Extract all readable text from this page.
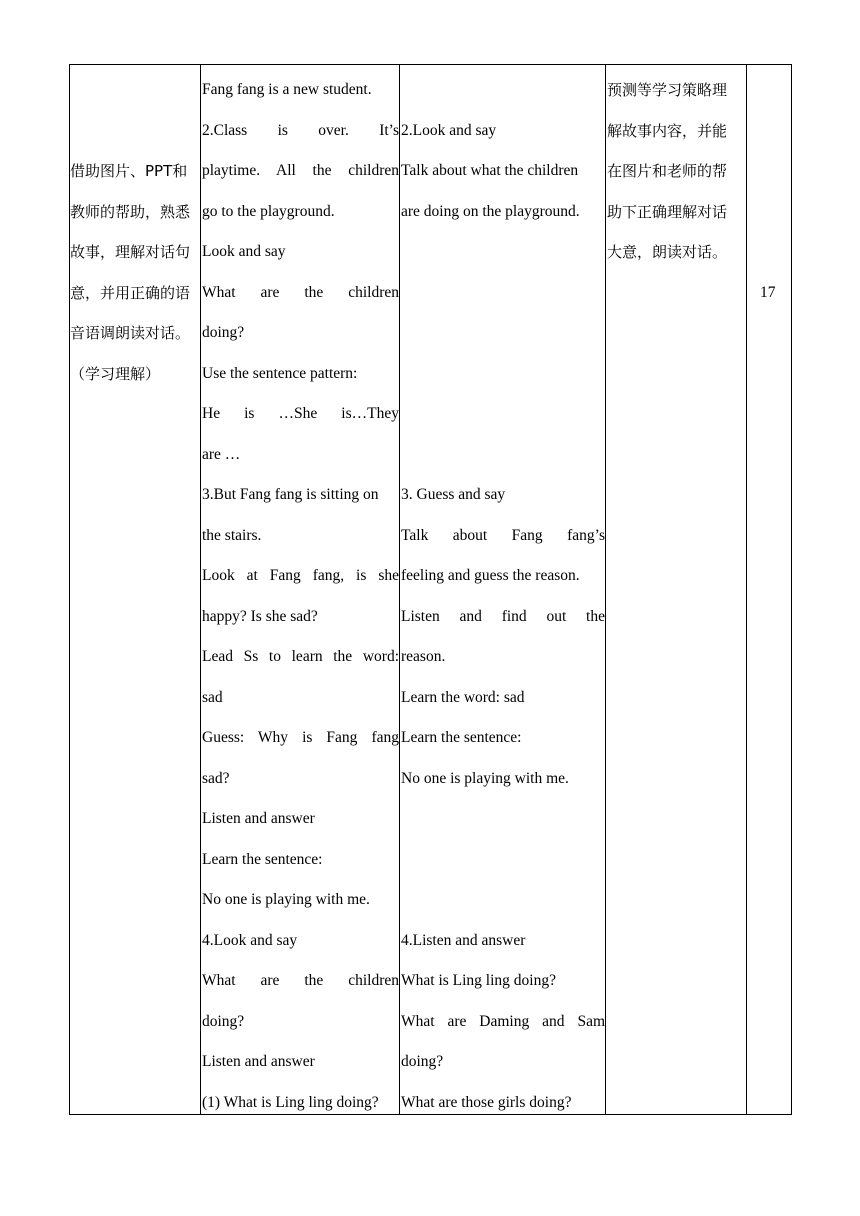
借助图片、PPT和
教师的帮助，熟悉
故事，理解对话句
意，并用正确的语
音语调朗读对话。
（学习理解）
Fang fang is a new student.
2.Class is over. It’s
playtime. All the children
go to the playground.
Look and say
What are the children
doing?
Use the sentence pattern:
He is …She is…They
are …
3.But Fang fang is sitting on
the stairs.
Look at Fang fang, is she
happy? Is she sad?
Lead Ss to learn the word:
sad
Guess: Why is Fang fang
sad?
Listen and answer
Learn the sentence:
No one is playing with me.
4.Look and say
What are the children
doing?
Listen and answer
(1) What is Ling ling doing?

2.Look and say
Talk about what the children
are doing on the playground.

3. Guess and say
Talk about Fang fang’s
feeling and guess the reason.
Listen and find out the
reason.
Learn the word: sad
Learn the sentence:
No one is playing with me.

4.Listen and answer
What is Ling ling doing?
What are Daming and Sam
doing?
What are those girls doing?
预测等学习策略理
解故事内容，并能
在图片和老师的帮
助下正确理解对话
大意，朗读对话。
17
